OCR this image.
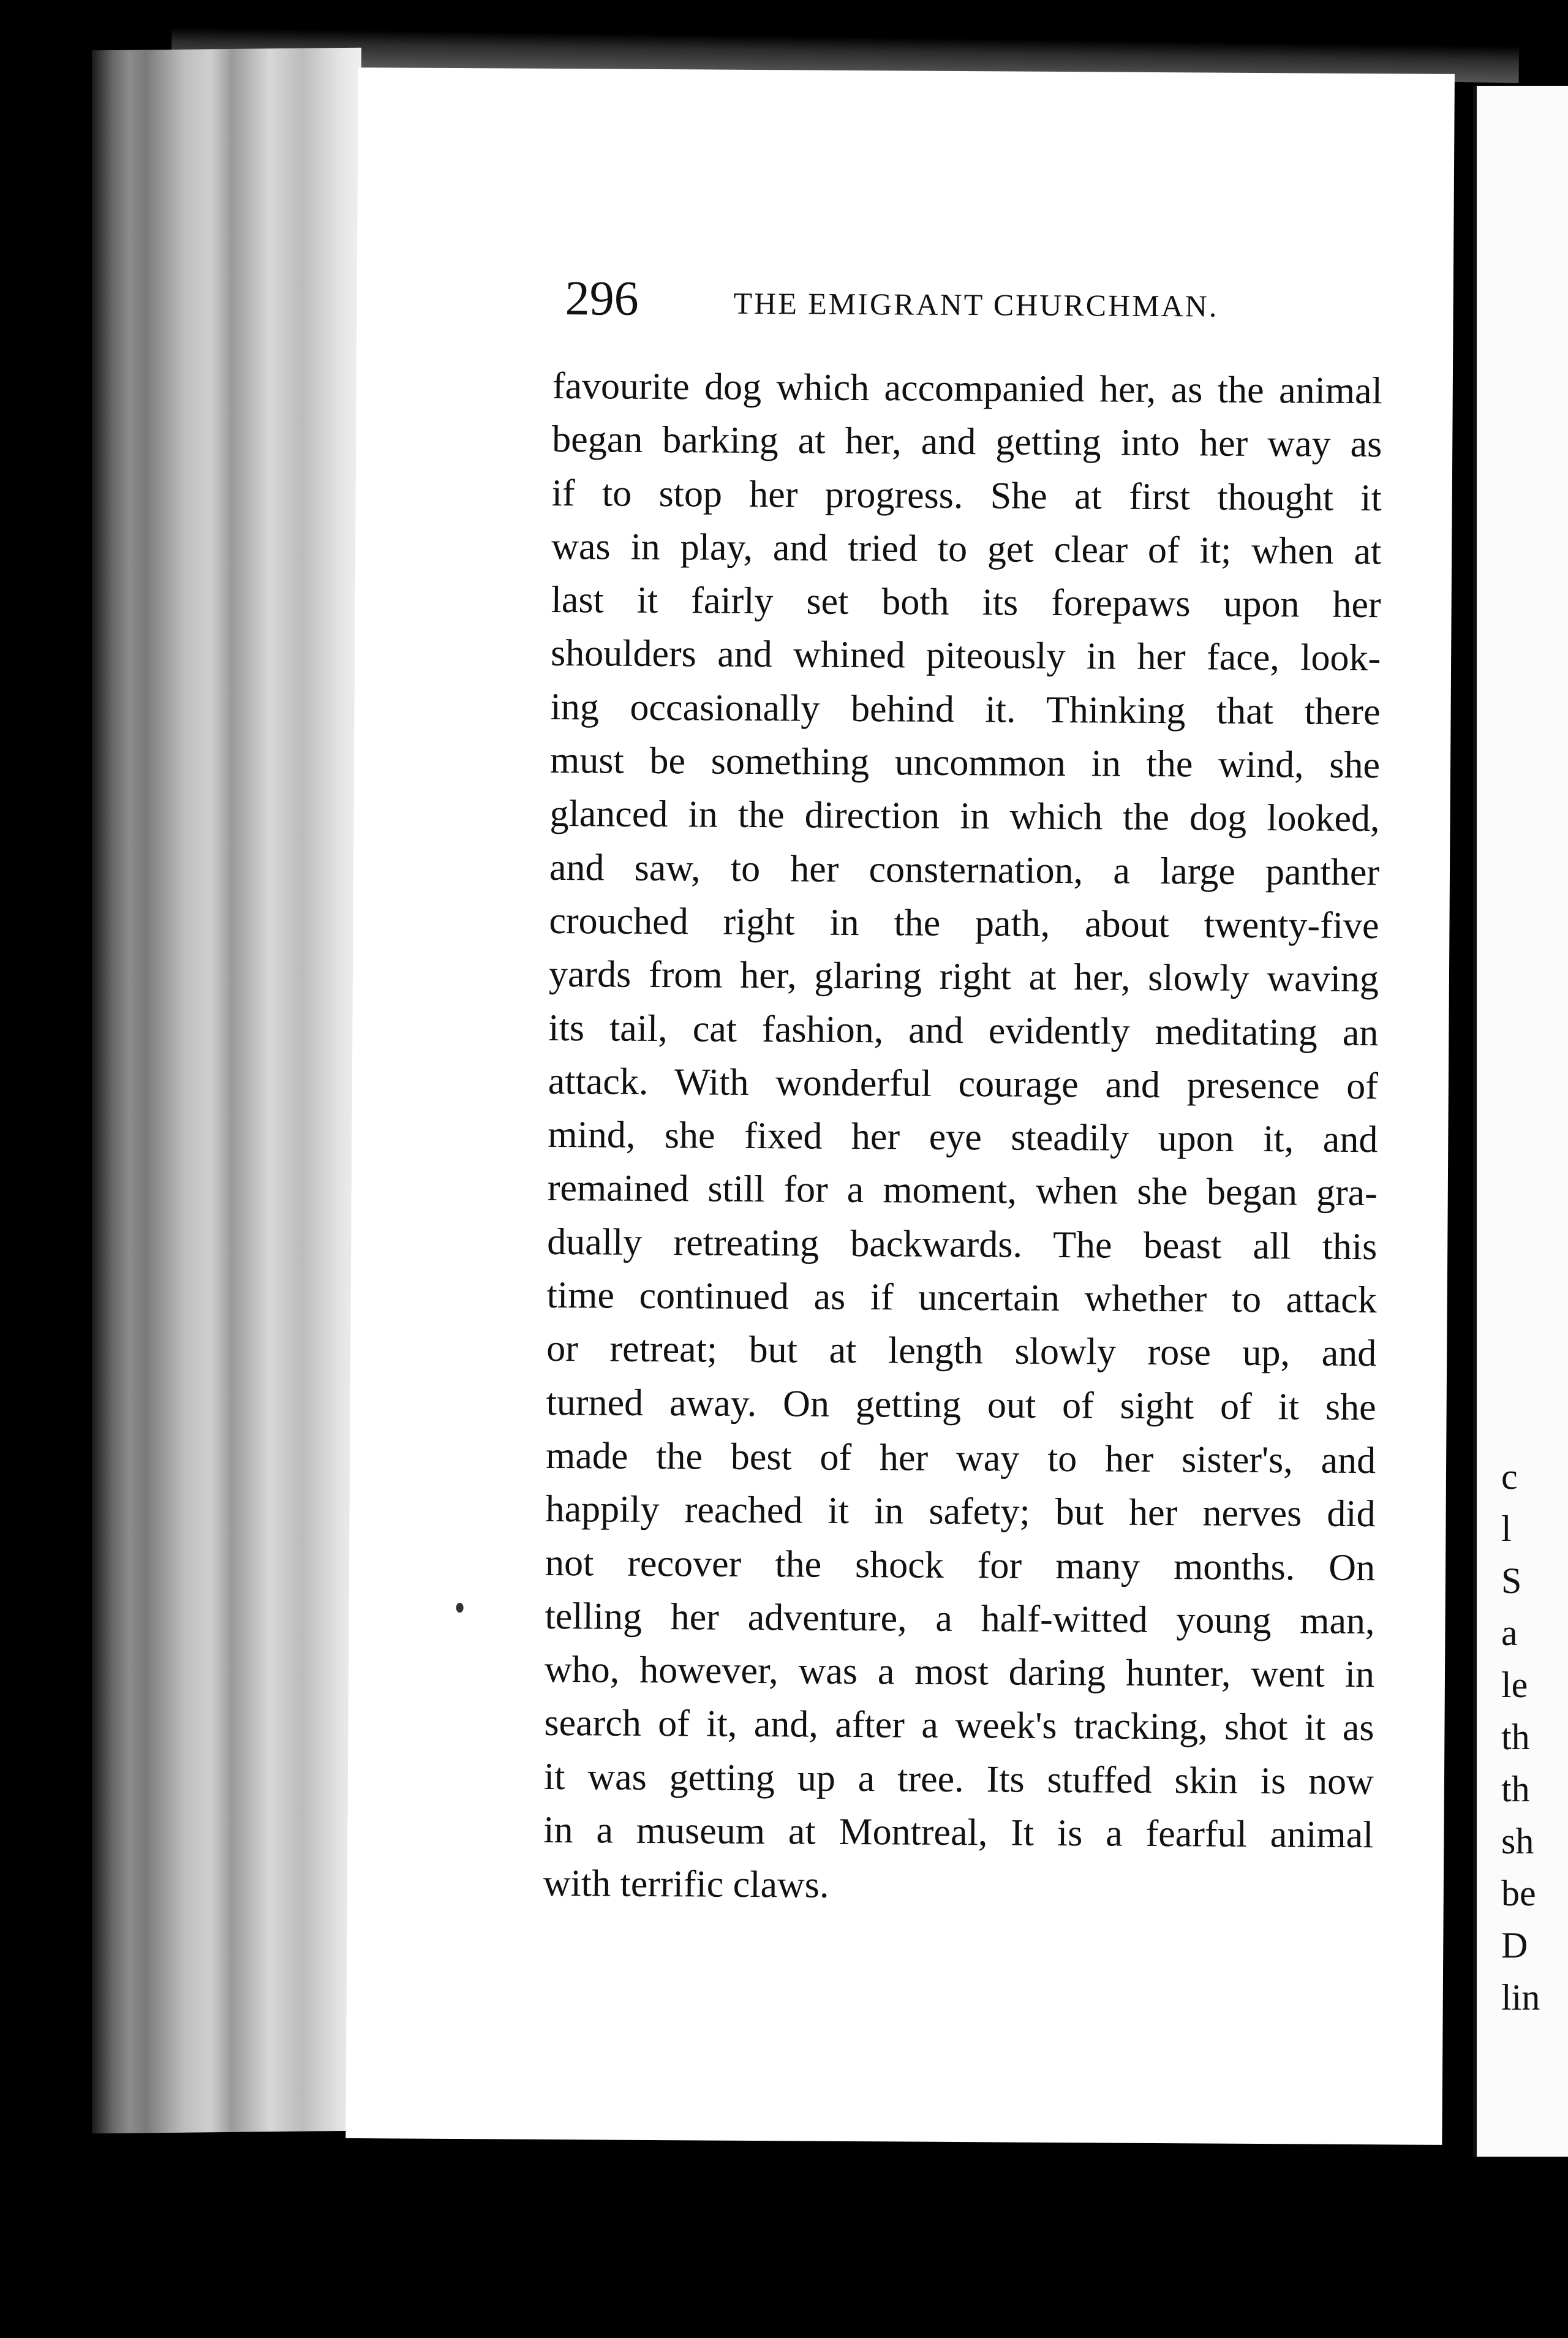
296	THE EMIGRANT CHURCHMAN.
favourite dog which accompanied her, as the animal
began barking at her, and getting into her way as
if to stop her progress. She at first thought it
was in play, and tried to get clear of it; when at
last it fairly set both its forepaws upon her
shoulders and whined piteously in her face, look-
ing occasionally behind it. Thinking that there
must be something uncommon in the wind, she
glanced in the direction in which the dog looked,
and saw, to her consternation, a large panther
crouched right in the path, about twenty-five
yards from her, glaring right at her, slowly waving
its tail, cat fashion, and evidently meditating an
attack. With wonderful courage and presence of
mind, she fixed her eye steadily upon it, and
remained still for a moment, when she began gra-
dually retreating backwards. The beast all this
time continued as if uncertain whether to attack
or retreat; but at length slowly rose up, and
turned away. On getting out of sight of it she
made the best of her way to her sister's, and
happily reached it in safety; but her nerves did
not recover the shock for many months. On
telling her adventure, a half-witted young man,
who, however, was a most daring hunter, went in
search of it, and, after a week's tracking, shot it as
it was getting up a tree. Its stuffed skin is now
in a museum at Montreal, It is a fearful animal
with terrific claws.
c
l
S
a
le
th
th
sh
be
D
lin
